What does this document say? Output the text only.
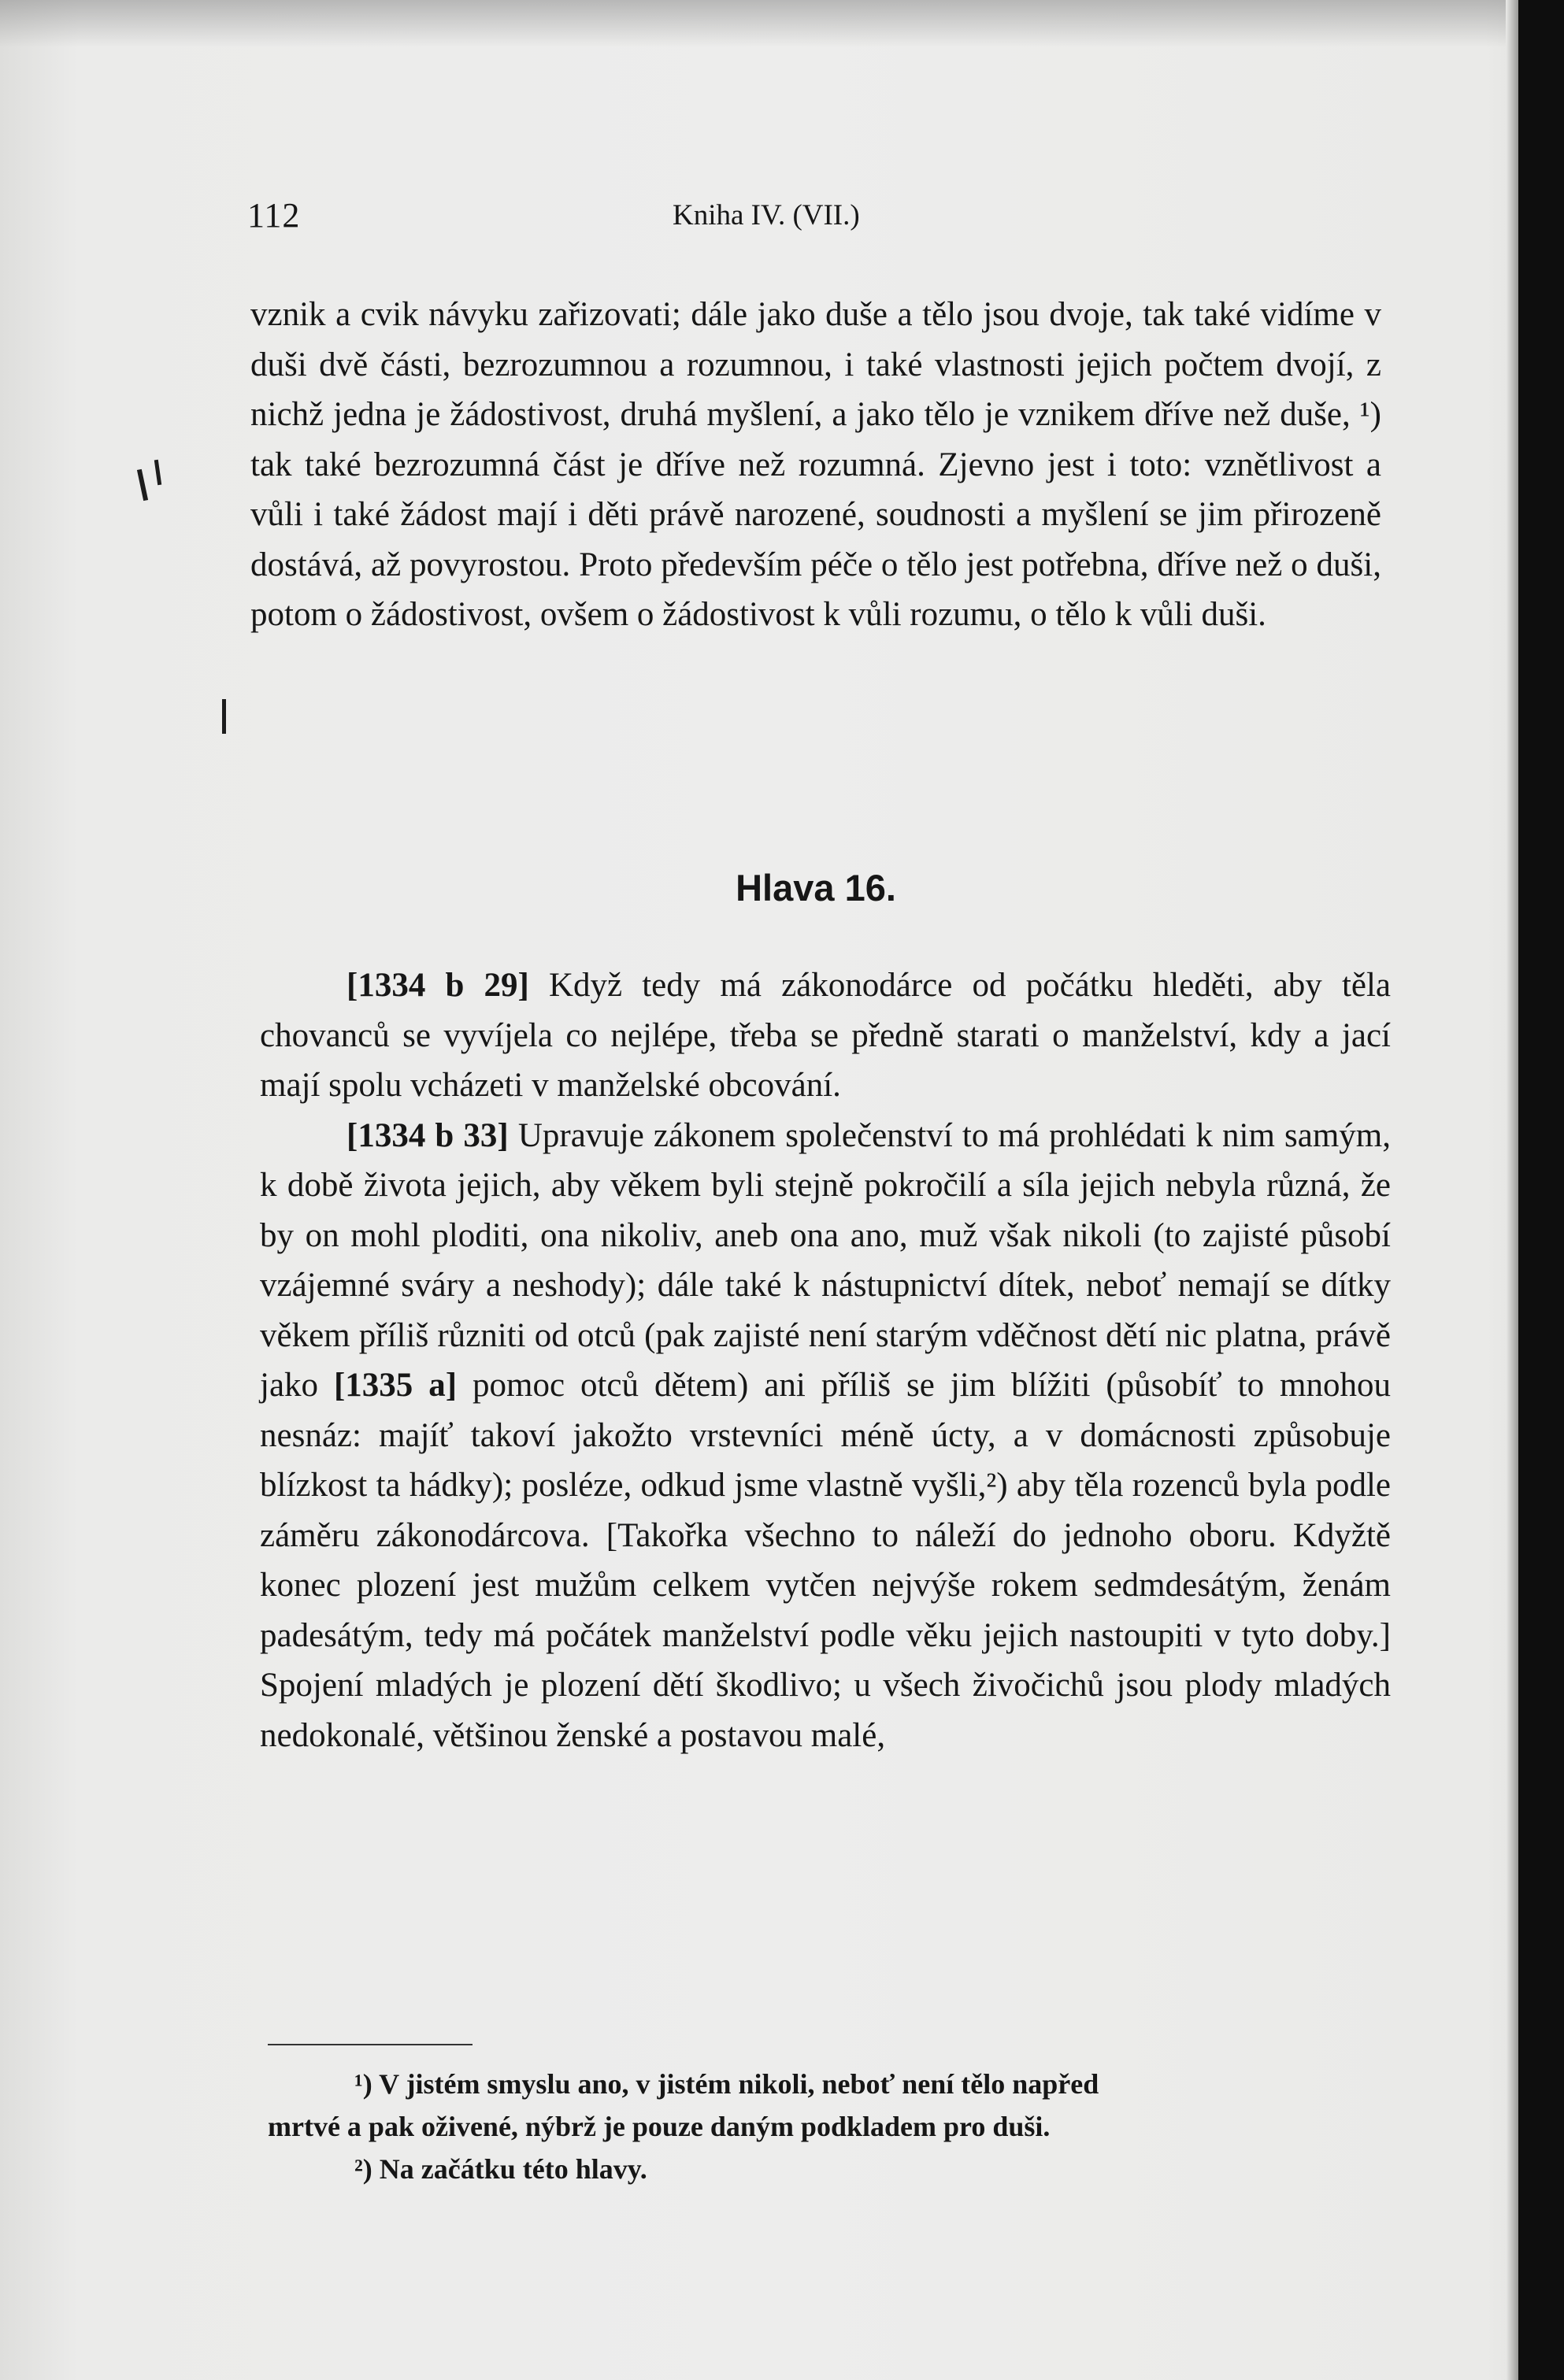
112	Kniha IV. (VII.)

vznik a cvik návyku zařizovati; dále jako duše a tělo jsou dvoje, tak také vidíme v duši dvě části, bezrozumnou a rozumnou, i také vlastnosti jejich počtem dvojí, z nichž jedna je žádostivost, druhá myšlení, a jako tělo je vznikem dříve než duše, ¹) tak také bezrozumná část je dříve než rozumná. Zjevno jest i toto: vznětlivost a vůli i také žádost mají i děti právě narozené, soudnosti a myšlení se jim přirozeně dostává, až povyrostou. Proto především péče o tělo jest potřebna, dříve než o duši, potom o žádostivost, ovšem o žádostivost k vůli rozumu, o tělo k vůli duši.

Hlava 16.

[1334 b 29] Když tedy má zákonodárce od počátku hleděti, aby těla chovanců se vyvíjela co nejlépe, třeba se předně starati o manželství, kdy a jací mají spolu vcházeti v manželské obcování.

[1334 b 33] Upravuje zákonem společenství to má prohlédati k nim samým, k době života jejich, aby věkem byli stejně pokročilí a síla jejich nebyla různá, že by on mohl ploditi, ona nikoliv, aneb ona ano, muž však nikoli (to zajisté působí vzájemné sváry a neshody); dále také k nástupnictví dítek, neboť nemají se dítky věkem příliš různiti od otců (pak zajisté není starým vděčnost dětí nic platna, právě jako [1335 a] pomoc otců dětem) ani příliš se jim blížiti (působíť to mnohou nesnáz: majíť takoví jakožto vrstevníci méně úcty, a v domácnosti způsobuje blízkost ta hádky); posléze, odkud jsme vlastně vyšli,²) aby těla rozenců byla podle záměru zákonodárcova. [Takořka všechno to náleží do jednoho oboru. Kdyžtě konec plození jest mužům celkem vytčen nejvýše rokem sedmdesátým, ženám padesátým, tedy má počátek manželství podle věku jejich nastoupiti v tyto doby.] Spojení mladých je plození dětí škodlivo; u všech živočichů jsou plody mladých nedokonalé, většinou ženské a postavou malé,

¹) V jistém smyslu ano, v jistém nikoli, neboť není tělo napřed

mrtvé a pak oživené, nýbrž je pouze daným podkladem pro duši.

²) Na začátku této hlavy.
